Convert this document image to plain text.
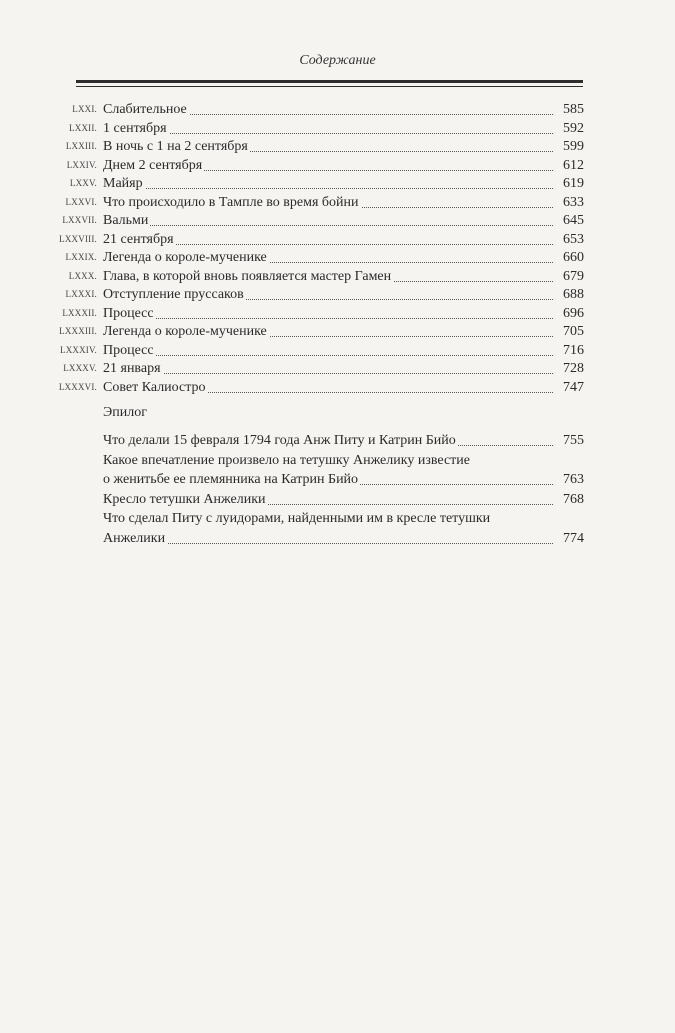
Содержание
LXXI. Слабительное	585
LXXII. 1 сентября	592
LXXIII. В ночь с 1 на 2 сентября	599
LXXIV. Днем 2 сентября	612
LXXV. Майяр	619
LXXVI. Что происходило в Тампле во время бойни	633
LXXVII. Вальми	645
LXXVIII. 21 сентября	653
LXXIX. Легенда о короле-мученике	660
LXXX. Глава, в которой вновь появляется мастер Гамен	679
LXXXI. Отступление пруссаков	688
LXXXII. Процесс	696
LXXXIII. Легенда о короле-мученике	705
LXXXIV. Процесс	716
LXXXV. 21 января	728
LXXXVI. Совет Калиостро	747
Эпилог
Что делали 15 февраля 1794 года Анж Питу и Катрин Бийо	755
Какое впечатление произвело на тетушку Анжелику известие
о женитьбе ее племянника на Катрин Бийо	763
Кресло тетушки Анжелики	768
Что сделал Питу с луидорами, найденными им в кресле тетушки
Анжелики	774
